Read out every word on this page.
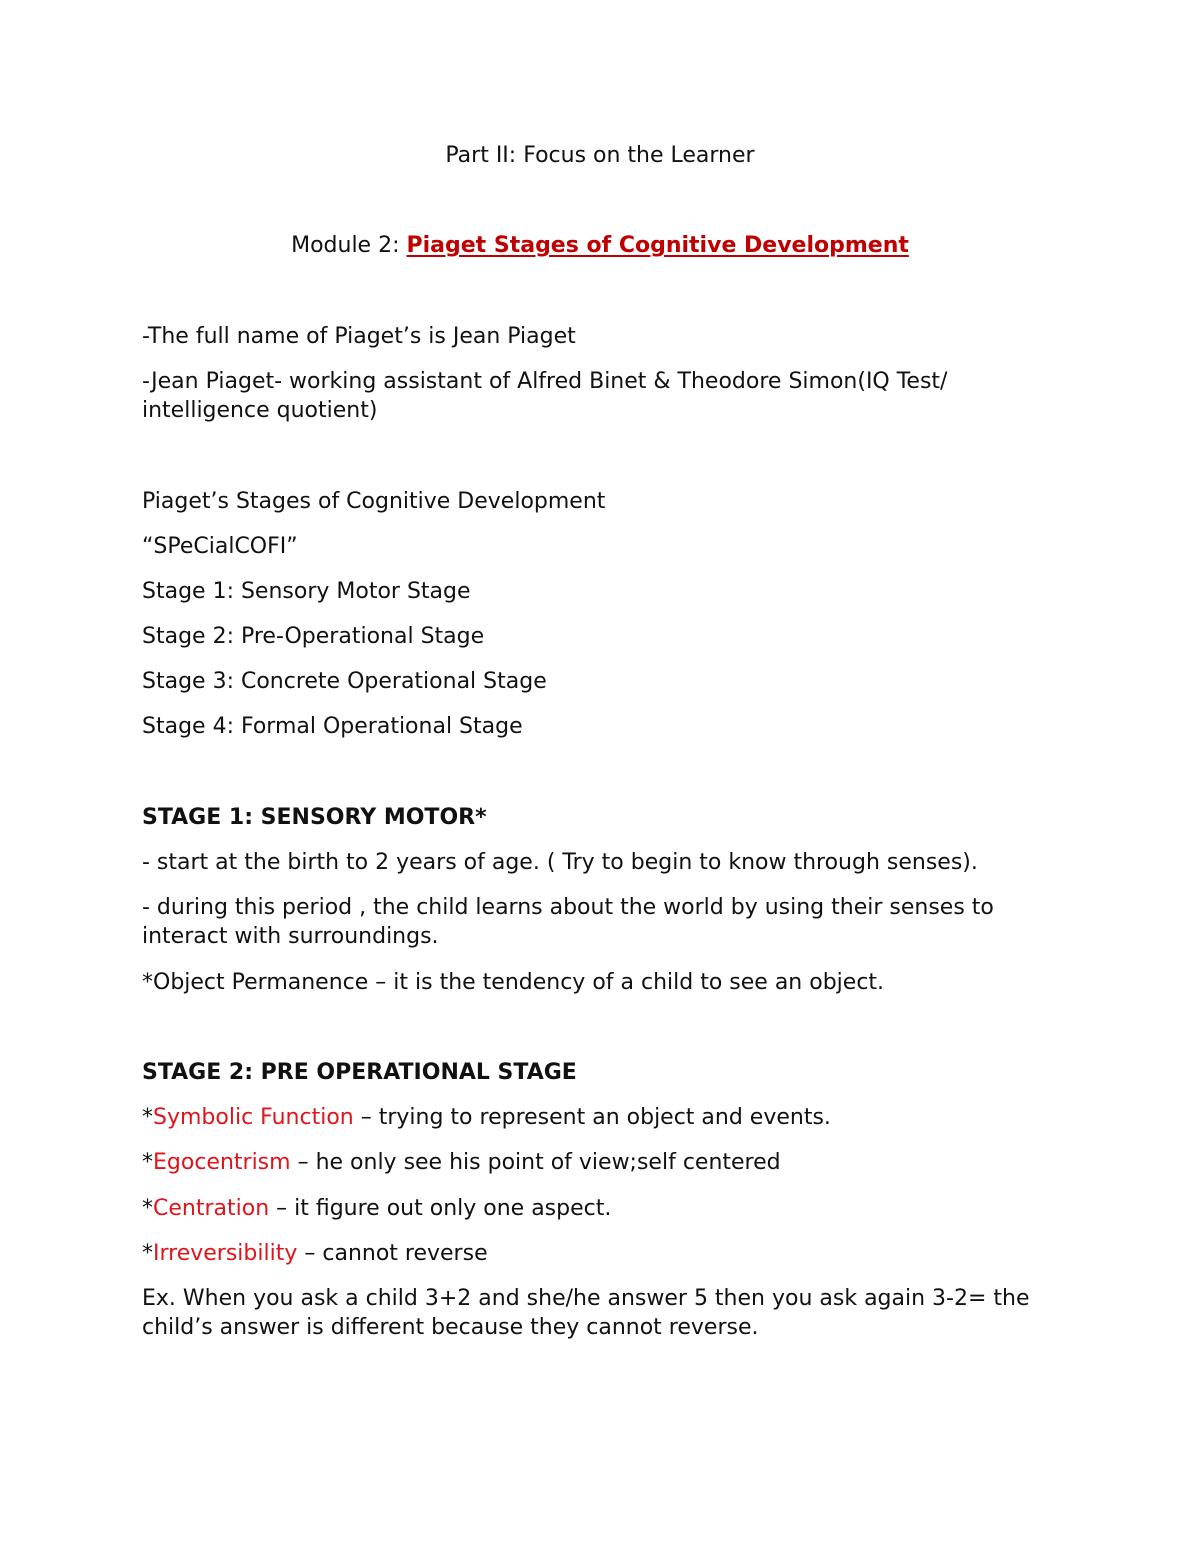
Part II: Focus on the Learner
Module 2: Piaget Stages of Cognitive Development
-The full name of Piaget’s is Jean Piaget
-Jean Piaget- working assistant of Alfred Binet & Theodore Simon(IQ Test/ intelligence quotient)
Piaget’s Stages of Cognitive Development
“SPeCialCOFI”
Stage 1: Sensory Motor Stage
Stage 2: Pre-Operational Stage
Stage 3: Concrete Operational Stage
Stage 4: Formal Operational Stage
STAGE 1: SENSORY MOTOR*
- start at the birth to 2 years of age. ( Try to begin to know through senses).
- during this period , the child learns about the world by using their senses to interact with surroundings.
*Object Permanence – it is the tendency of a child to see an object.
STAGE 2: PRE OPERATIONAL STAGE
*Symbolic Function – trying to represent an object and events.
*Egocentrism – he only see his point of view;self centered
*Centration – it figure out only one aspect.
*Irreversibility – cannot reverse
Ex. When you ask a child 3+2 and she/he answer 5 then you ask again 3-2= the child’s answer is different because they cannot reverse.
